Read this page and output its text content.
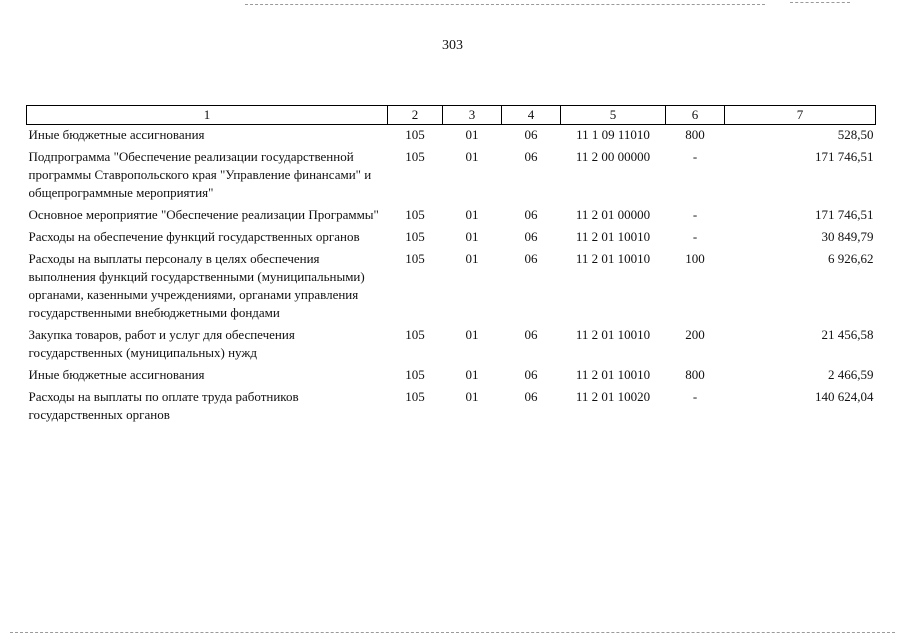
303
1	2	3	4	5	6	7
Иные бюджетные ассигнования	105	01	06	11 1 09 11010	800	528,50
Подпрограмма "Обеспечение реализации государственной программы Ставропольского края "Управление финансами" и общепрограммные мероприятия"	105	01	06	11 2 00 00000	-	171 746,51
Основное мероприятие "Обеспечение реализации Программы"	105	01	06	11 2 01 00000	-	171 746,51
Расходы на обеспечение функций государственных органов	105	01	06	11 2 01 10010	-	30 849,79
Расходы на выплаты персоналу в целях обеспечения выполнения функций государственными (муниципальными) органами, казенными учреждениями, органами управления государственными внебюджетными фондами	105	01	06	11 2 01 10010	100	6 926,62
Закупка товаров, работ и услуг для обеспечения государственных (муниципальных) нужд	105	01	06	11 2 01 10010	200	21 456,58
Иные бюджетные ассигнования	105	01	06	11 2 01 10010	800	2 466,59
Расходы на выплаты по оплате труда работников государственных органов	105	01	06	11 2 01 10020	-	140 624,04
